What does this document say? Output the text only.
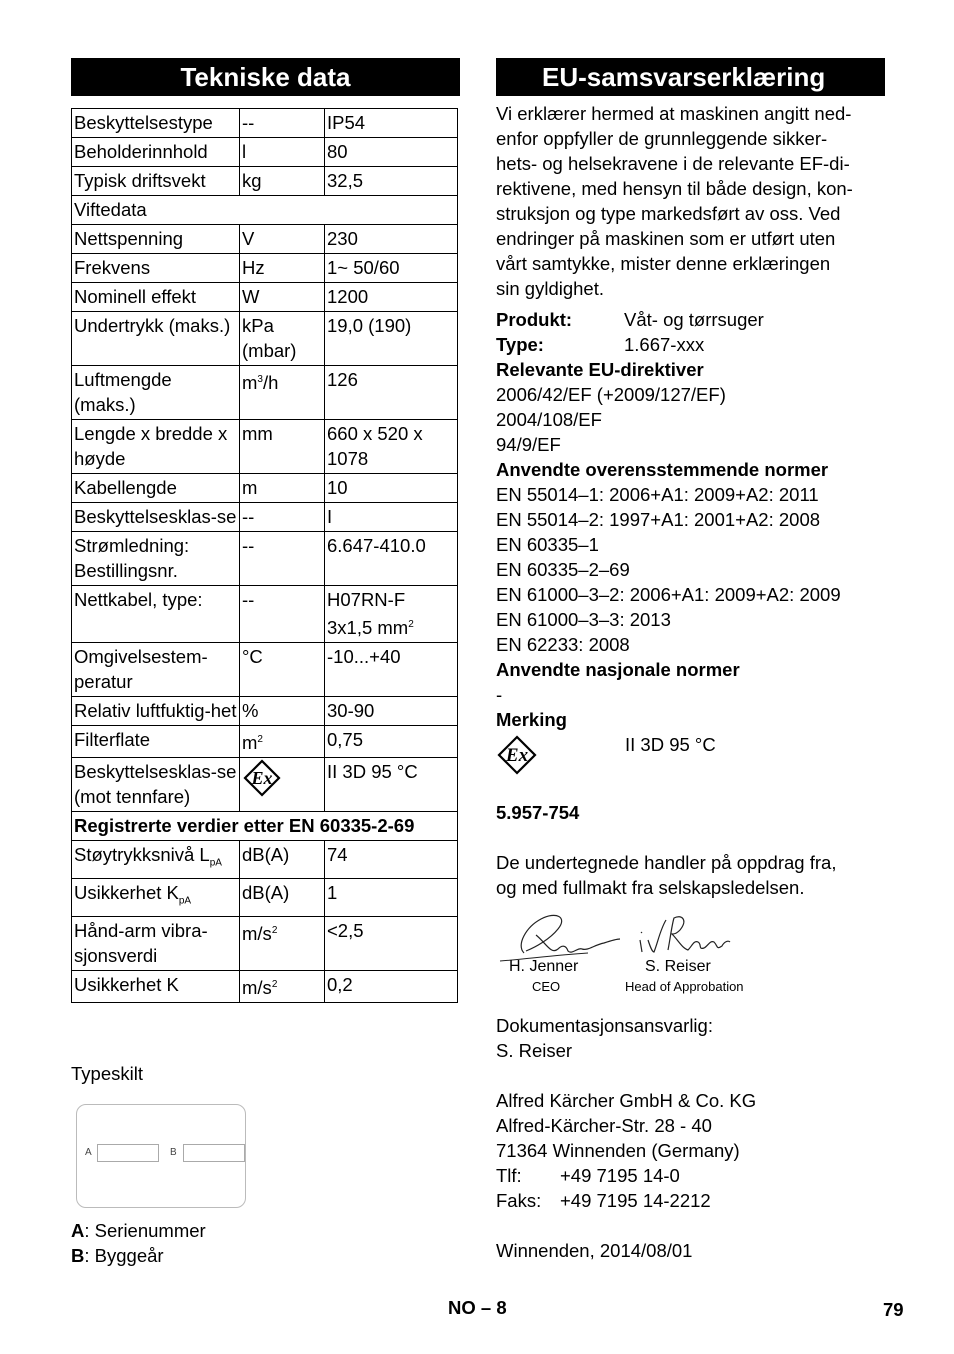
Tekniske data
Beskyttelsestype	--	IP54
Beholderinnhold	l	80
Typisk driftsvekt	kg	32,5
Viftedata		
Nettspenning	V	230
Frekvens	Hz	1~ 50/60
Nominell effekt	W	1200
Undertrykk (maks.)	kPa (mbar)	19,0 (190)
Luftmengde (maks.)	$m^3/h$	126
Lengde x bredde x høyde	mm	660 x 520 x 1078
Kabellengde	m	10
Beskyttelsesklas-se	--	I
Strømledning: Bestillingsnr.	--	6.647-410.0
Nettkabel, type:	--	H07RN-F 3x1,5 $mm^2$
Omgivelsestem-peratur	°C	-10...+40
Relativ luftfuktig-het	%	30-90
Filterflate	$m^2$	0,75
Beskyttelsesklas-se (mot tennfare)	Ex	II 3D 95 °C
Registrerte verdier etter EN 60335-2-69		
Støytrykksnivå $L_{pA}$	dB(A)	74
Usikkerhet $K_{pA}$	dB(A)	1
Hånd-arm vibra-sjonsverdi	$m/s^2$	<2,5
Usikkerhet K	$m/s^2$	0,2
Typeskilt
A	B
A: Serienummer
B: Byggeår
EU-samsvarserklæring
Vi erklærer hermed at maskinen angitt ned-
enfor oppfyller de grunnleggende sikker-
hets- og helsekravene i de relevante EF-di-
rektivene, med hensyn til både design, kon-
struksjon og type markedsført av oss. Ved
endringer på maskinen som er utført uten
vårt samtykke, mister denne erklæringen
sin gyldighet.
Produkt:	Våt- og tørrsuger
Type:	1.667-xxx
Relevante EU-direktiver
2006/42/EF (+2009/127/EF)
2004/108/EF
94/9/EF
Anvendte overensstemmende normer
EN 55014–1: 2006+A1: 2009+A2: 2011
EN 55014–2: 1997+A1: 2001+A2: 2008
EN 60335–1
EN 60335–2–69
EN 61000–3–2: 2006+A1: 2009+A2: 2009
EN 61000–3–3: 2013
EN 62233: 2008
Anvendte nasjonale normer
-
Merking
Ex
II 3D 95 °C
5.957-754
De undertegnede handler på oppdrag fra,
og med fullmakt fra selskapsledelsen.
H. Jenner
CEO
S. Reiser
Head of Approbation
Dokumentasjonsansvarlig:
S. Reiser
Alfred Kärcher GmbH & Co. KG
Alfred-Kärcher-Str. 28 - 40
71364 Winnenden (Germany)
Tlf: +49 7195 14-0
Faks: +49 7195 14-2212
Winnenden, 2014/08/01
NO – 8	79
